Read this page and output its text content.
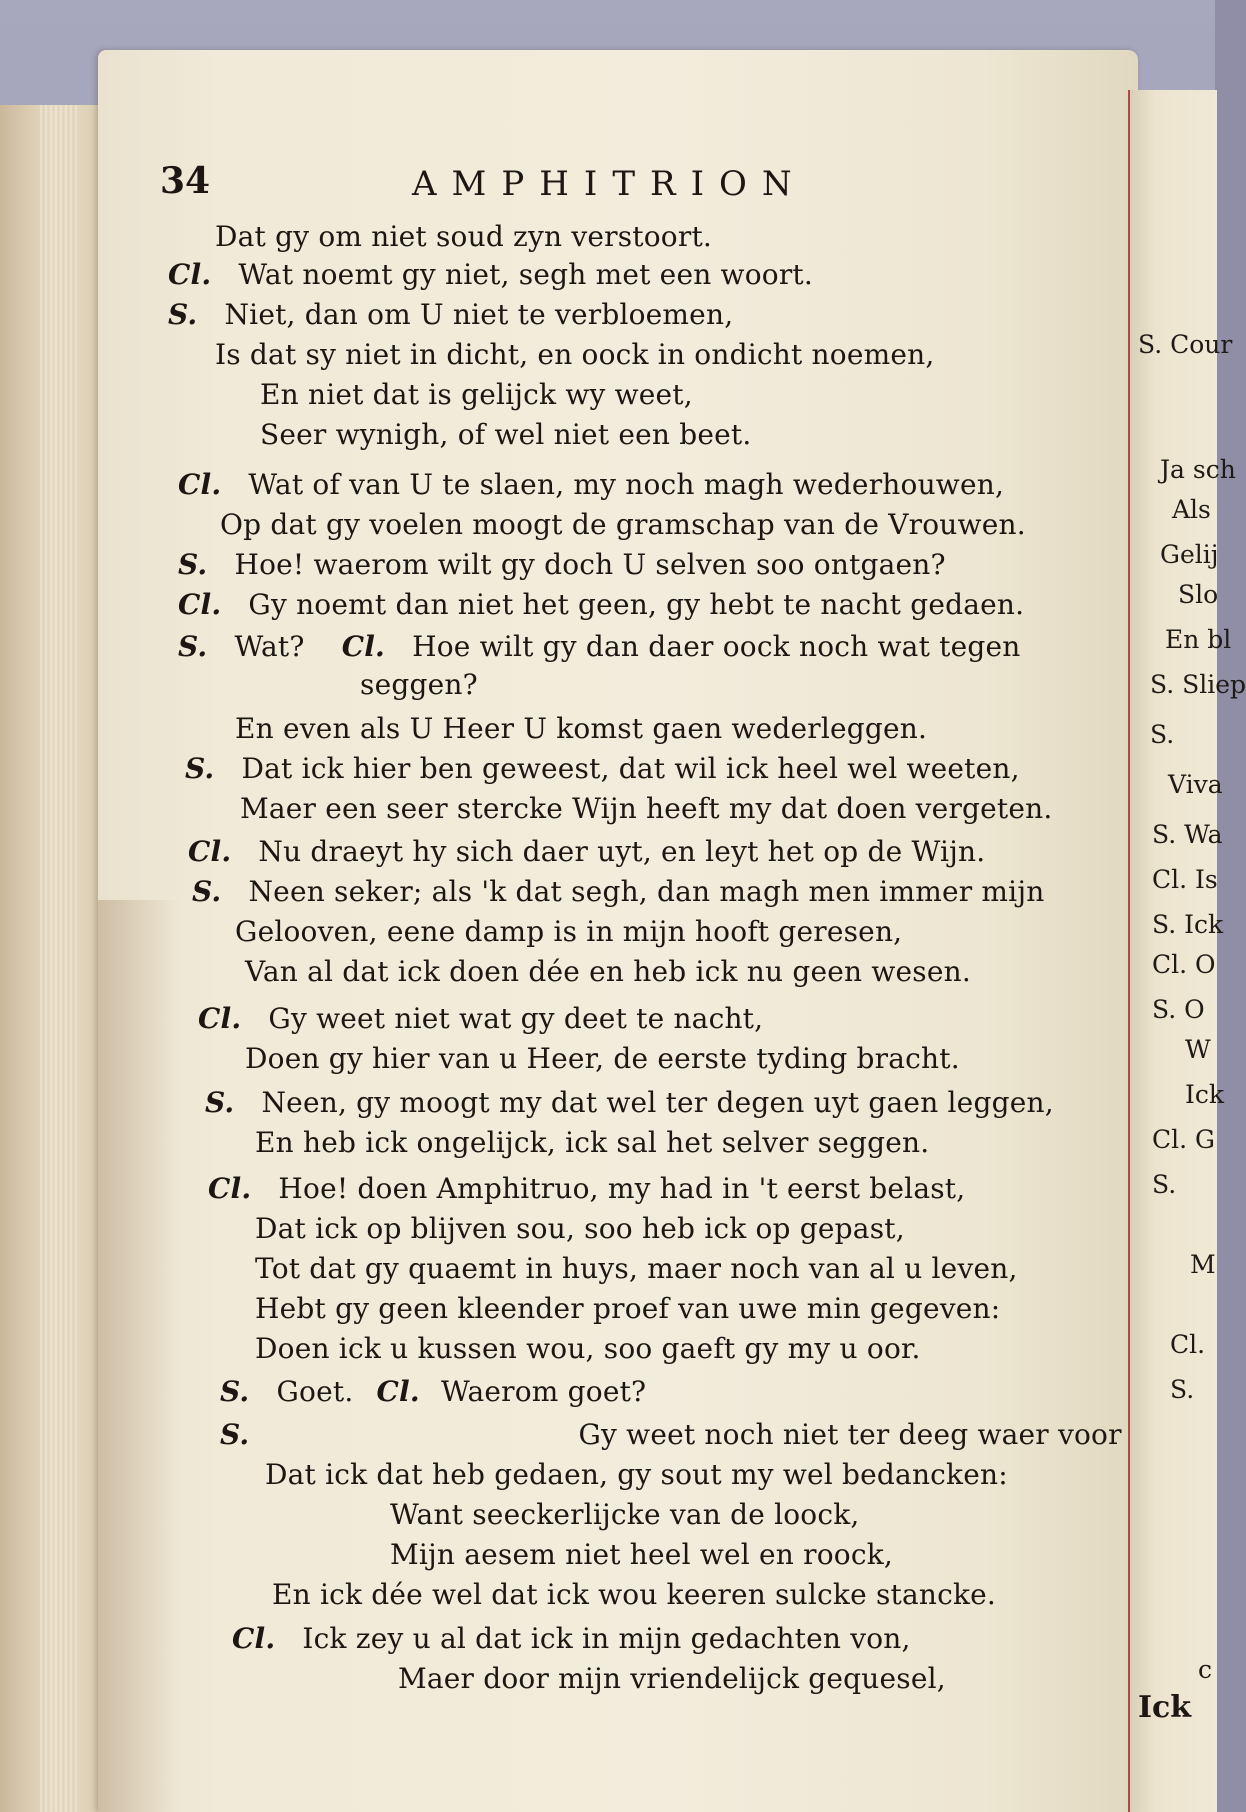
S. Cour
Ja sch
Als
Gelij
Slo
En bl
S. Sliep
S.
Viva
S. Wa
Cl. Is
S. Ick
Cl. O
S. O
W
Ick
Cl. G
S.
M
Cl.
S.
c
34	AMPHITRION
Dat gy om niet soud zyn verstoort.
Cl. Wat noemt gy niet, segh met een woort.
S. Niet, dan om U niet te verbloemen,
Is dat sy niet in dicht, en oock in ondicht noemen,
En niet dat is gelijck wy weet,
Seer wynigh, of wel niet een beet.
Cl. Wat of van U te slaen, my noch magh wederhouwen,
Op dat gy voelen moogt de gramschap van de Vrouwen.
S. Hoe! waerom wilt gy doch U selven soo ontgaen?
Cl. Gy noemt dan niet het geen, gy hebt te nacht gedaen.
S. Wat? Cl. Hoe wilt gy dan daer oock noch wat tegen
seggen?
En even als U Heer U komst gaen wederleggen.
S. Dat ick hier ben geweest, dat wil ick heel wel weeten,
Maer een seer stercke Wijn heeft my dat doen vergeten.
Cl. Nu draeyt hy sich daer uyt, en leyt het op de Wijn.
S. Neen seker; als 'k dat segh, dan magh men immer mijn
Gelooven, eene damp is in mijn hooft geresen,
Van al dat ick doen dée en heb ick nu geen wesen.
Cl. Gy weet niet wat gy deet te nacht,
Doen gy hier van u Heer, de eerste tyding bracht.
S. Neen, gy moogt my dat wel ter degen uyt gaen leggen,
En heb ick ongelijck, ick sal het selver seggen.
Cl. Hoe! doen Amphitruo, my had in 't eerst belast,
Dat ick op blijven sou, soo heb ick op gepast,
Tot dat gy quaemt in huys, maer noch van al u leven,
Hebt gy geen kleender proef van uwe min gegeven:
Doen ick u kussen wou, soo gaeft gy my u oor.
S. Goet. Cl. Waerom goet?
S.	Gy weet noch niet ter deeg waer voor
Dat ick dat heb gedaen, gy sout my wel bedancken:
Want seeckerlijcke van de loock,
Mijn aesem niet heel wel en roock,
En ick dée wel dat ick wou keeren sulcke stancke.
Cl. Ick zey u al dat ick in mijn gedachten von,
Maer door mijn vriendelijck gequesel,
Ick
